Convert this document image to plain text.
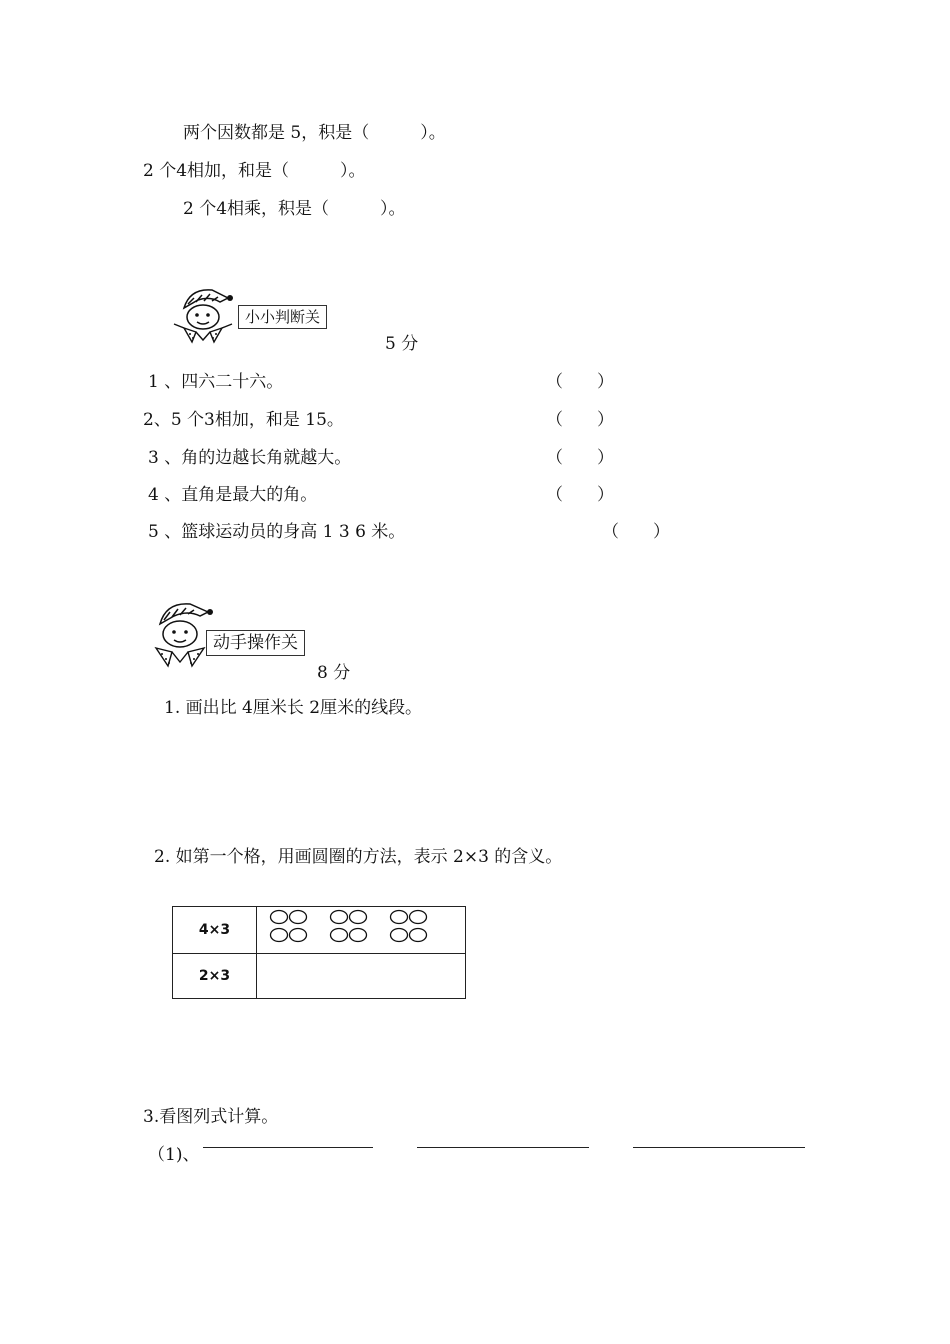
两个因数都是 5，积是（　　　）。
2 个4相加，和是（　　　）。
2 个4相乘，积是（　　　）。
小小判断关
5 分
1 、四六二十六。	（　　）
2、5 个3相加，和是 15。	（　　）
3 、角的边越长角就越大。	（　　）
4 、直角是最大的角。	（　　）
5 、篮球运动员的身高 1 3 6 米。	（　　）
动手操作关
8 分
1. 画出比 4厘米长 2厘米的线段。
2. 如第一个格，用画圆圈的方法，表示 2×3 的含义。
4×3	
2×3	
3.看图列式计算。
（1)、
